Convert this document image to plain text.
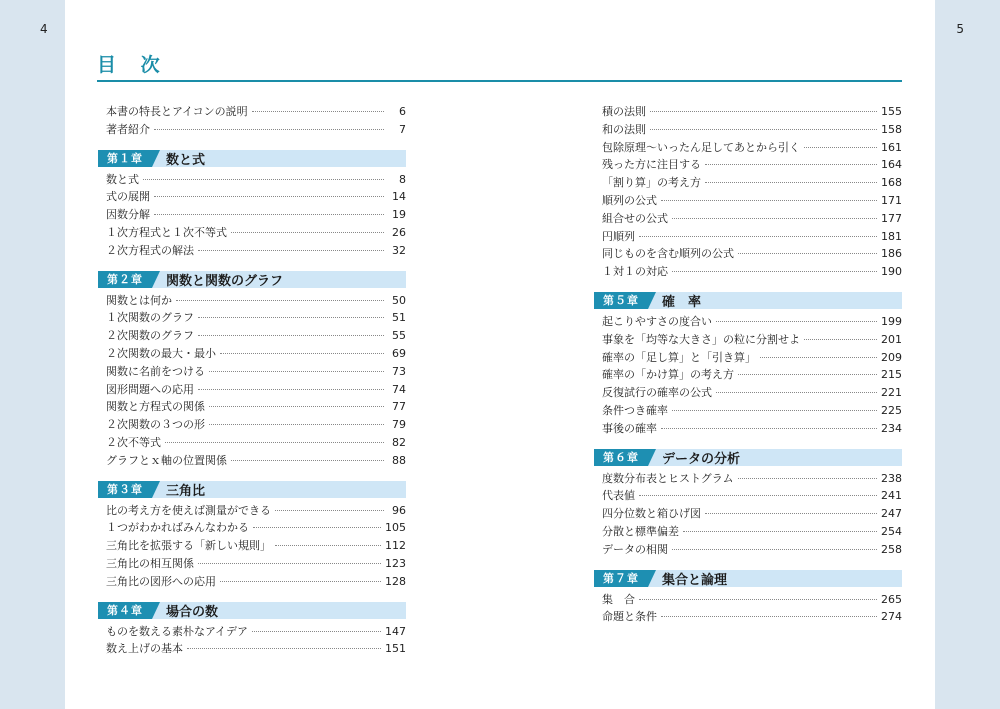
4	5
目 次
本書の特長とアイコンの説明	6
著者紹介	7
第１章	数と式
数と式	8
式の展開	14
因数分解	19
１次方程式と１次不等式	26
２次方程式の解法	32
第２章	関数と関数のグラフ
関数とは何か	50
１次関数のグラフ	51
２次関数のグラフ	55
２次関数の最大・最小	69
関数に名前をつける	73
図形問題への応用	74
関数と方程式の関係	77
２次関数の３つの形	79
２次不等式	82
グラフとｘ軸の位置関係	88
第３章	三角比
比の考え方を使えば測量ができる	96
１つがわかればみんなわかる	105
三角比を拡張する「新しい規則」	112
三角比の相互関係	123
三角比の図形への応用	128
第４章	場合の数
ものを数える素朴なアイデア	147
数え上げの基本	151
積の法則	155
和の法則	158
包除原理〜いったん足してあとから引く	161
残った方に注目する	164
「割り算」の考え方	168
順列の公式	171
組合せの公式	177
円順列	181
同じものを含む順列の公式	186
１対１の対応	190
第５章	確　率
起こりやすさの度合い	199
事象を「均等な大きさ」の粒に分割せよ	201
確率の「足し算」と「引き算」	209
確率の「かけ算」の考え方	215
反復試行の確率の公式	221
条件つき確率	225
事後の確率	234
第６章	データの分析
度数分布表とヒストグラム	238
代表値	241
四分位数と箱ひげ図	247
分散と標準偏差	254
データの相関	258
第７章	集合と論理
集　合	265
命題と条件	274
